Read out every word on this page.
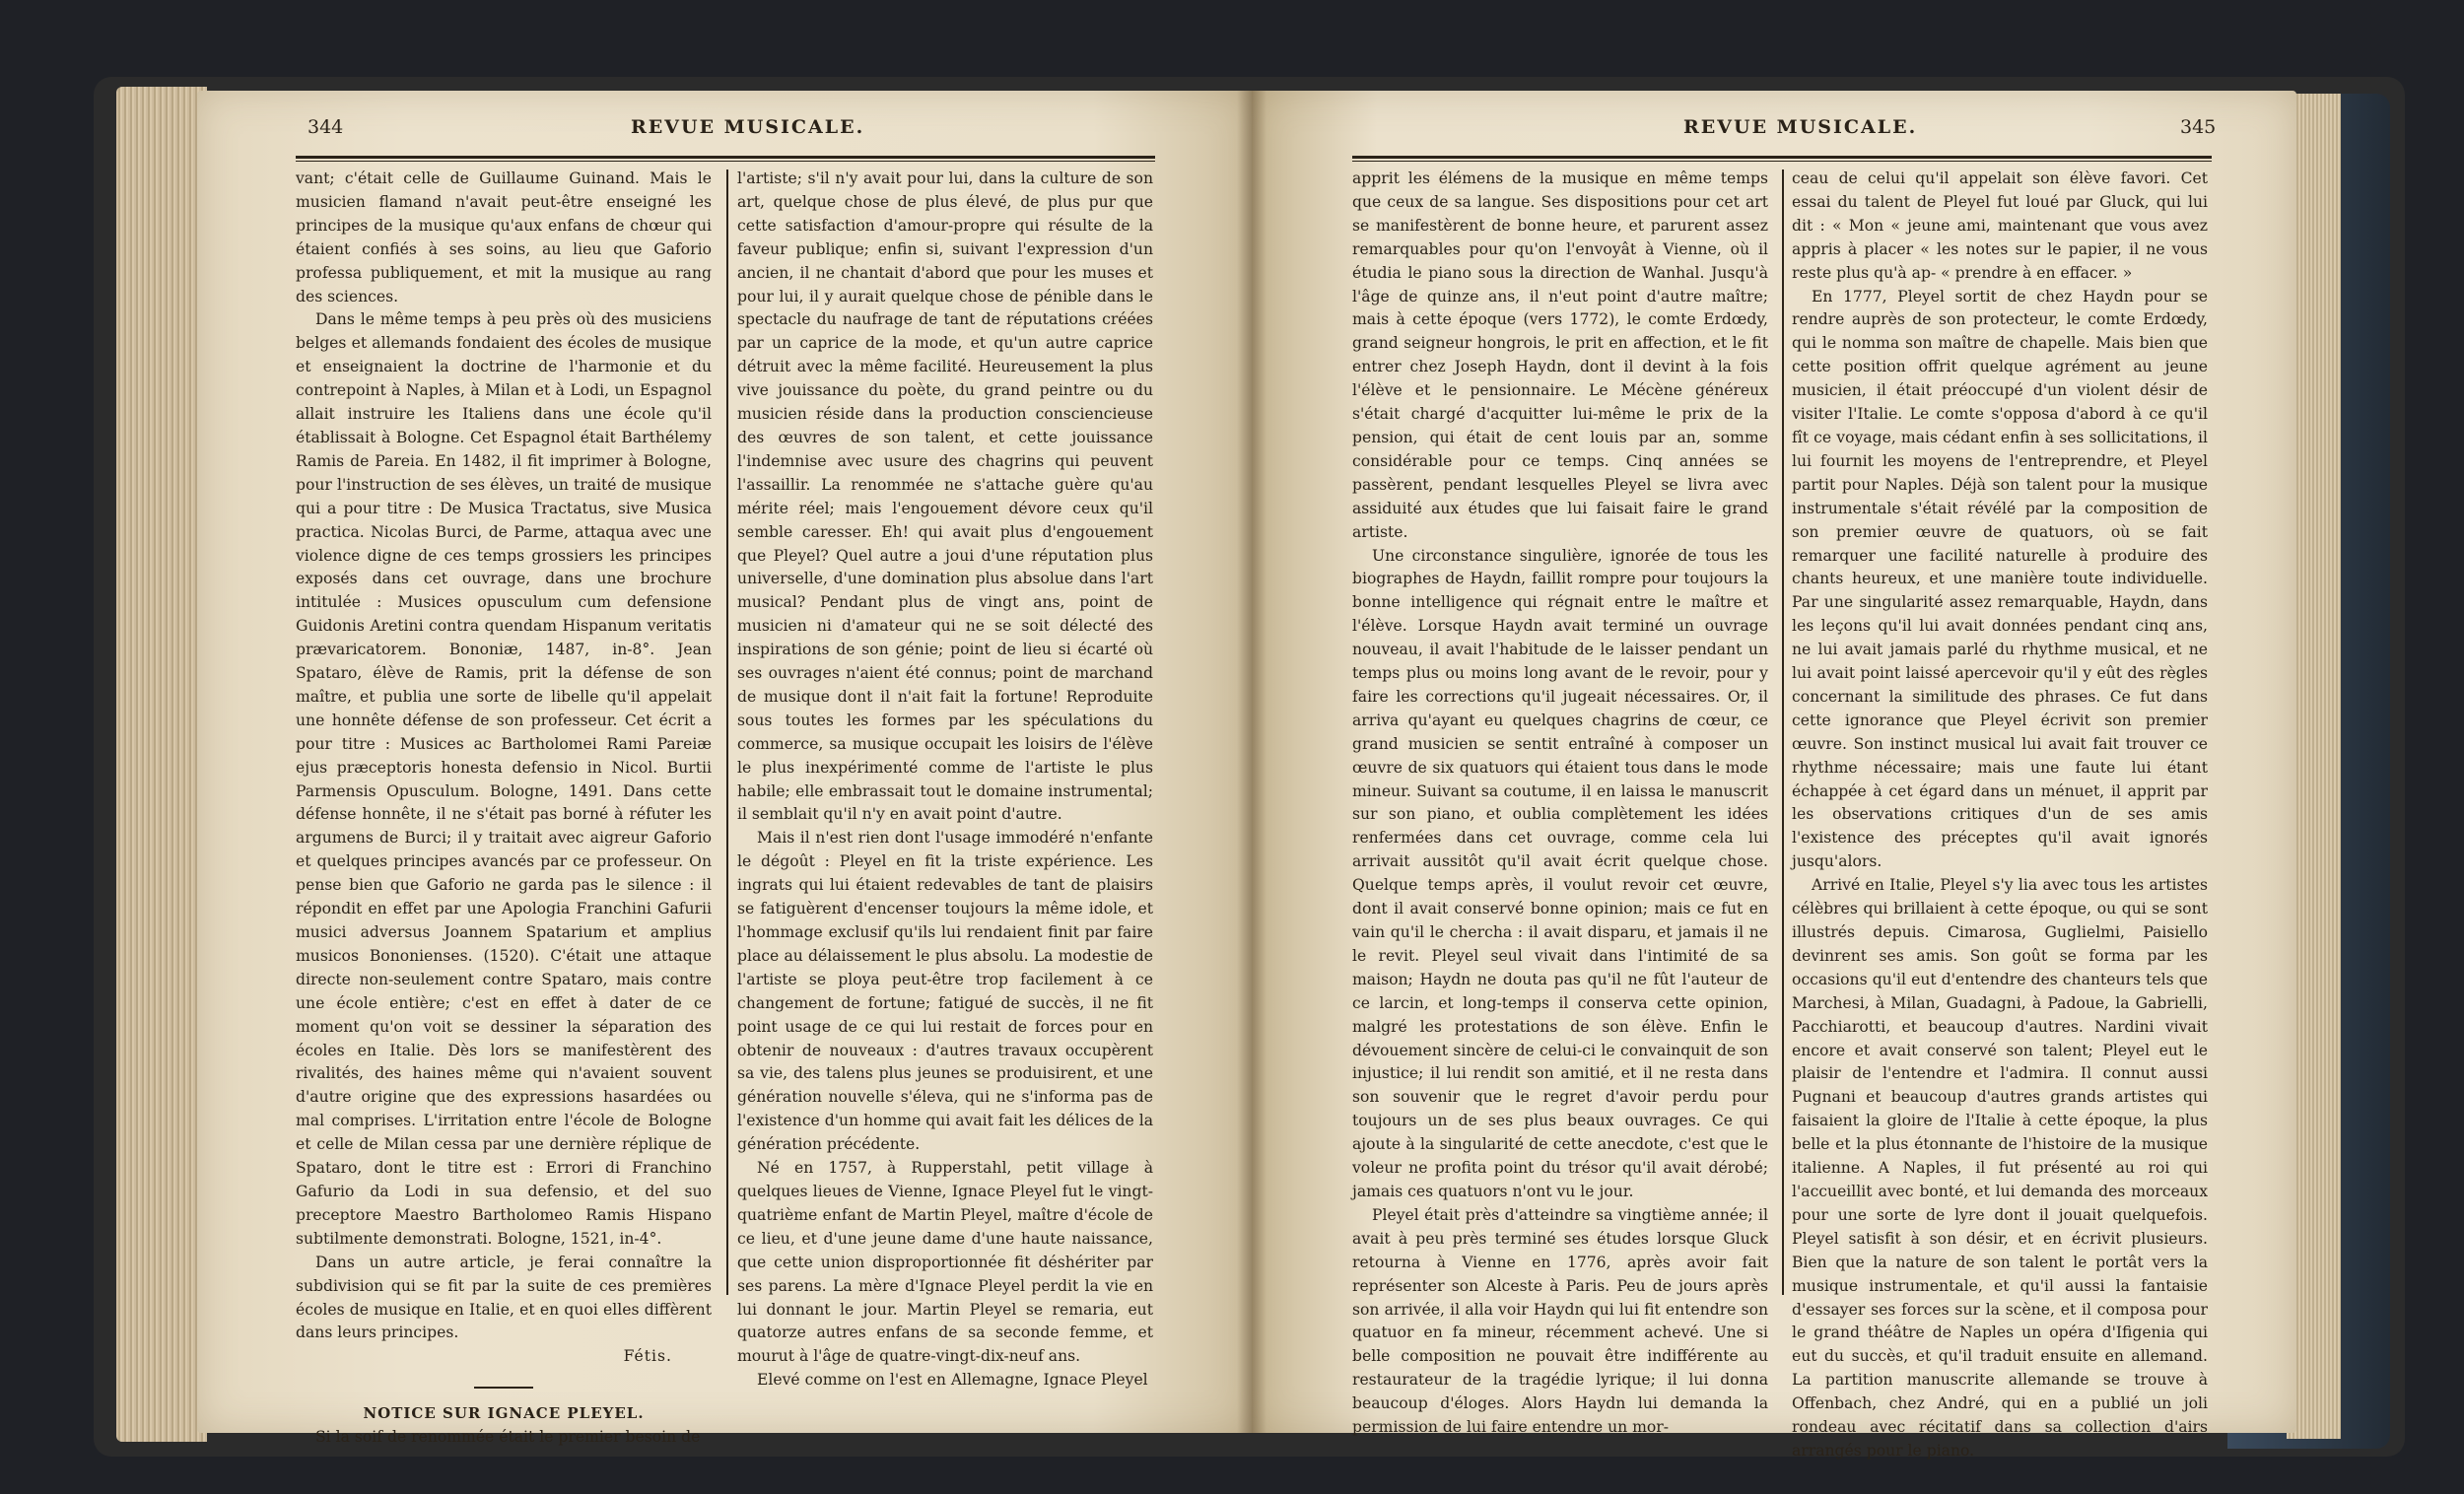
344	REVUE MUSICALE.

vant; c'était celle de Guillaume Guinand. Mais le musicien flamand n'avait peut-être enseigné les principes de la musique qu'aux enfans de chœur qui étaient confiés à ses soins, au lieu que Gaforio professa publiquement, et mit la musique au rang des sciences.

Dans le même temps à peu près où des musiciens belges et allemands fondaient des écoles de musique et enseignaient la doctrine de l'harmonie et du contrepoint à Naples, à Milan et à Lodi, un Espagnol allait instruire les Italiens dans une école qu'il établissait à Bologne. Cet Espagnol était Barthélemy Ramis de Pareia. En 1482, il fit imprimer à Bologne, pour l'instruction de ses élèves, un traité de musique qui a pour titre : De Musica Tractatus, sive Musica practica. Nicolas Burci, de Parme, attaqua avec une violence digne de ces temps grossiers les principes exposés dans cet ouvrage, dans une brochure intitulée : Musices opusculum cum defensione Guidonis Aretini contra quendam Hispanum veritatis prævaricatorem. Bononiæ, 1487, in-8°. Jean Spataro, élève de Ramis, prit la défense de son maître, et publia une sorte de libelle qu'il appelait une honnête défense de son professeur. Cet écrit a pour titre : Musices ac Bartholomei Rami Pareiæ ejus præceptoris honesta defensio in Nicol. Burtii Parmensis Opusculum. Bologne, 1491. Dans cette défense honnête, il ne s'était pas borné à réfuter les argumens de Burci; il y traitait avec aigreur Gaforio et quelques principes avancés par ce professeur. On pense bien que Gaforio ne garda pas le silence : il répondit en effet par une Apologia Franchini Gafurii musici adversus Joannem Spatarium et amplius musicos Bononienses. (1520). C'était une attaque directe non-seulement contre Spataro, mais contre une école entière; c'est en effet à dater de ce moment qu'on voit se dessiner la séparation des écoles en Italie. Dès lors se manifestèrent des rivalités, des haines même qui n'avaient souvent d'autre origine que des expressions hasardées ou mal comprises. L'irritation entre l'école de Bologne et celle de Milan cessa par une dernière réplique de Spataro, dont le titre est : Errori di Franchino Gafurio da Lodi in sua defensio, et del suo preceptore Maestro Bartholomeo Ramis Hispano subtilmente demonstrati. Bologne, 1521, in-4°.

Dans un autre article, je ferai connaître la subdivision qui se fit par la suite de ces premières écoles de musique en Italie, et en quoi elles diffèrent dans leurs principes.

Fétis.

NOTICE SUR IGNACE PLEYEL.

Si la soif de renommée était le premier besoin de

l'artiste; s'il n'y avait pour lui, dans la culture de son art, quelque chose de plus élevé, de plus pur que cette satisfaction d'amour-propre qui résulte de la faveur publique; enfin si, suivant l'expression d'un ancien, il ne chantait d'abord que pour les muses et pour lui, il y aurait quelque chose de pénible dans le spectacle du naufrage de tant de réputations créées par un caprice de la mode, et qu'un autre caprice détruit avec la même facilité. Heureusement la plus vive jouissance du poète, du grand peintre ou du musicien réside dans la production consciencieuse des œuvres de son talent, et cette jouissance l'indemnise avec usure des chagrins qui peuvent l'assaillir. La renommée ne s'attache guère qu'au mérite réel; mais l'engouement dévore ceux qu'il semble caresser. Eh! qui avait plus d'engouement que Pleyel? Quel autre a joui d'une réputation plus universelle, d'une domination plus absolue dans l'art musical? Pendant plus de vingt ans, point de musicien ni d'amateur qui ne se soit délecté des inspirations de son génie; point de lieu si écarté où ses ouvrages n'aient été connus; point de marchand de musique dont il n'ait fait la fortune! Reproduite sous toutes les formes par les spéculations du commerce, sa musique occupait les loisirs de l'élève le plus inexpérimenté comme de l'artiste le plus habile; elle embrassait tout le domaine instrumental; il semblait qu'il n'y en avait point d'autre.

Mais il n'est rien dont l'usage immodéré n'enfante le dégoût : Pleyel en fit la triste expérience. Les ingrats qui lui étaient redevables de tant de plaisirs se fatiguèrent d'encenser toujours la même idole, et l'hommage exclusif qu'ils lui rendaient finit par faire place au délaissement le plus absolu. La modestie de l'artiste se ploya peut-être trop facilement à ce changement de fortune; fatigué de succès, il ne fit point usage de ce qui lui restait de forces pour en obtenir de nouveaux : d'autres travaux occupèrent sa vie, des talens plus jeunes se produisirent, et une génération nouvelle s'éleva, qui ne s'informa pas de l'existence d'un homme qui avait fait les délices de la génération précédente.

Né en 1757, à Rupperstahl, petit village à quelques lieues de Vienne, Ignace Pleyel fut le vingt-quatrième enfant de Martin Pleyel, maître d'école de ce lieu, et d'une jeune dame d'une haute naissance, que cette union disproportionnée fit déshériter par ses parens. La mère d'Ignace Pleyel perdit la vie en lui donnant le jour. Martin Pleyel se remaria, eut quatorze autres enfans de sa seconde femme, et mourut à l'âge de quatre-vingt-dix-neuf ans.

Elevé comme on l'est en Allemagne, Ignace Pleyel

REVUE MUSICALE.	345

apprit les élémens de la musique en même temps que ceux de sa langue. Ses dispositions pour cet art se manifestèrent de bonne heure, et parurent assez remarquables pour qu'on l'envoyât à Vienne, où il étudia le piano sous la direction de Wanhal. Jusqu'à l'âge de quinze ans, il n'eut point d'autre maître; mais à cette époque (vers 1772), le comte Erdœdy, grand seigneur hongrois, le prit en affection, et le fit entrer chez Joseph Haydn, dont il devint à la fois l'élève et le pensionnaire. Le Mécène généreux s'était chargé d'acquitter lui-même le prix de la pension, qui était de cent louis par an, somme considérable pour ce temps. Cinq années se passèrent, pendant lesquelles Pleyel se livra avec assiduité aux études que lui faisait faire le grand artiste.

Une circonstance singulière, ignorée de tous les biographes de Haydn, faillit rompre pour toujours la bonne intelligence qui régnait entre le maître et l'élève. Lorsque Haydn avait terminé un ouvrage nouveau, il avait l'habitude de le laisser pendant un temps plus ou moins long avant de le revoir, pour y faire les corrections qu'il jugeait nécessaires. Or, il arriva qu'ayant eu quelques chagrins de cœur, ce grand musicien se sentit entraîné à composer un œuvre de six quatuors qui étaient tous dans le mode mineur. Suivant sa coutume, il en laissa le manuscrit sur son piano, et oublia complètement les idées renfermées dans cet ouvrage, comme cela lui arrivait aussitôt qu'il avait écrit quelque chose. Quelque temps après, il voulut revoir cet œuvre, dont il avait conservé bonne opinion; mais ce fut en vain qu'il le chercha : il avait disparu, et jamais il ne le revit. Pleyel seul vivait dans l'intimité de sa maison; Haydn ne douta pas qu'il ne fût l'auteur de ce larcin, et long-temps il conserva cette opinion, malgré les protestations de son élève. Enfin le dévouement sincère de celui-ci le convainquit de son injustice; il lui rendit son amitié, et il ne resta dans son souvenir que le regret d'avoir perdu pour toujours un de ses plus beaux ouvrages. Ce qui ajoute à la singularité de cette anecdote, c'est que le voleur ne profita point du trésor qu'il avait dérobé; jamais ces quatuors n'ont vu le jour.

Pleyel était près d'atteindre sa vingtième année; il avait à peu près terminé ses études lorsque Gluck retourna à Vienne en 1776, après avoir fait représenter son Alceste à Paris. Peu de jours après son arrivée, il alla voir Haydn qui lui fit entendre son quatuor en fa mineur, récemment achevé. Une si belle composition ne pouvait être indifférente au restaurateur de la tragédie lyrique; il lui donna beaucoup d'éloges. Alors Haydn lui demanda la permission de lui faire entendre un mor-

ceau de celui qu'il appelait son élève favori. Cet essai du talent de Pleyel fut loué par Gluck, qui lui dit : « Mon « jeune ami, maintenant que vous avez appris à placer « les notes sur le papier, il ne vous reste plus qu'à ap- « prendre à en effacer. »

En 1777, Pleyel sortit de chez Haydn pour se rendre auprès de son protecteur, le comte Erdœdy, qui le nomma son maître de chapelle. Mais bien que cette position offrit quelque agrément au jeune musicien, il était préoccupé d'un violent désir de visiter l'Italie. Le comte s'opposa d'abord à ce qu'il fît ce voyage, mais cédant enfin à ses sollicitations, il lui fournit les moyens de l'entreprendre, et Pleyel partit pour Naples. Déjà son talent pour la musique instrumentale s'était révélé par la composition de son premier œuvre de quatuors, où se fait remarquer une facilité naturelle à produire des chants heureux, et une manière toute individuelle. Par une singularité assez remarquable, Haydn, dans les leçons qu'il lui avait données pendant cinq ans, ne lui avait jamais parlé du rhythme musical, et ne lui avait point laissé apercevoir qu'il y eût des règles concernant la similitude des phrases. Ce fut dans cette ignorance que Pleyel écrivit son premier œuvre. Son instinct musical lui avait fait trouver ce rhythme nécessaire; mais une faute lui étant échappée à cet égard dans un ménuet, il apprit par les observations critiques d'un de ses amis l'existence des préceptes qu'il avait ignorés jusqu'alors.

Arrivé en Italie, Pleyel s'y lia avec tous les artistes célèbres qui brillaient à cette époque, ou qui se sont illustrés depuis. Cimarosa, Guglielmi, Paisiello devinrent ses amis. Son goût se forma par les occasions qu'il eut d'entendre des chanteurs tels que Marchesi, à Milan, Guadagni, à Padoue, la Gabrielli, Pacchiarotti, et beaucoup d'autres. Nardini vivait encore et avait conservé son talent; Pleyel eut le plaisir de l'entendre et l'admira. Il connut aussi Pugnani et beaucoup d'autres grands artistes qui faisaient la gloire de l'Italie à cette époque, la plus belle et la plus étonnante de l'histoire de la musique italienne. A Naples, il fut présenté au roi qui l'accueillit avec bonté, et lui demanda des morceaux pour une sorte de lyre dont il jouait quelquefois. Pleyel satisfit à son désir, et en écrivit plusieurs. Bien que la nature de son talent le portât vers la musique instrumentale, et qu'il aussi la fantaisie d'essayer ses forces sur la scène, et il composa pour le grand théâtre de Naples un opéra d'Ifigenia qui eut du succès, et qu'il traduit ensuite en allemand. La partition manuscrite allemande se trouve à Offenbach, chez André, qui en a publié un joli rondeau avec récitatif dans sa collection d'airs arrangés pour le piano.
